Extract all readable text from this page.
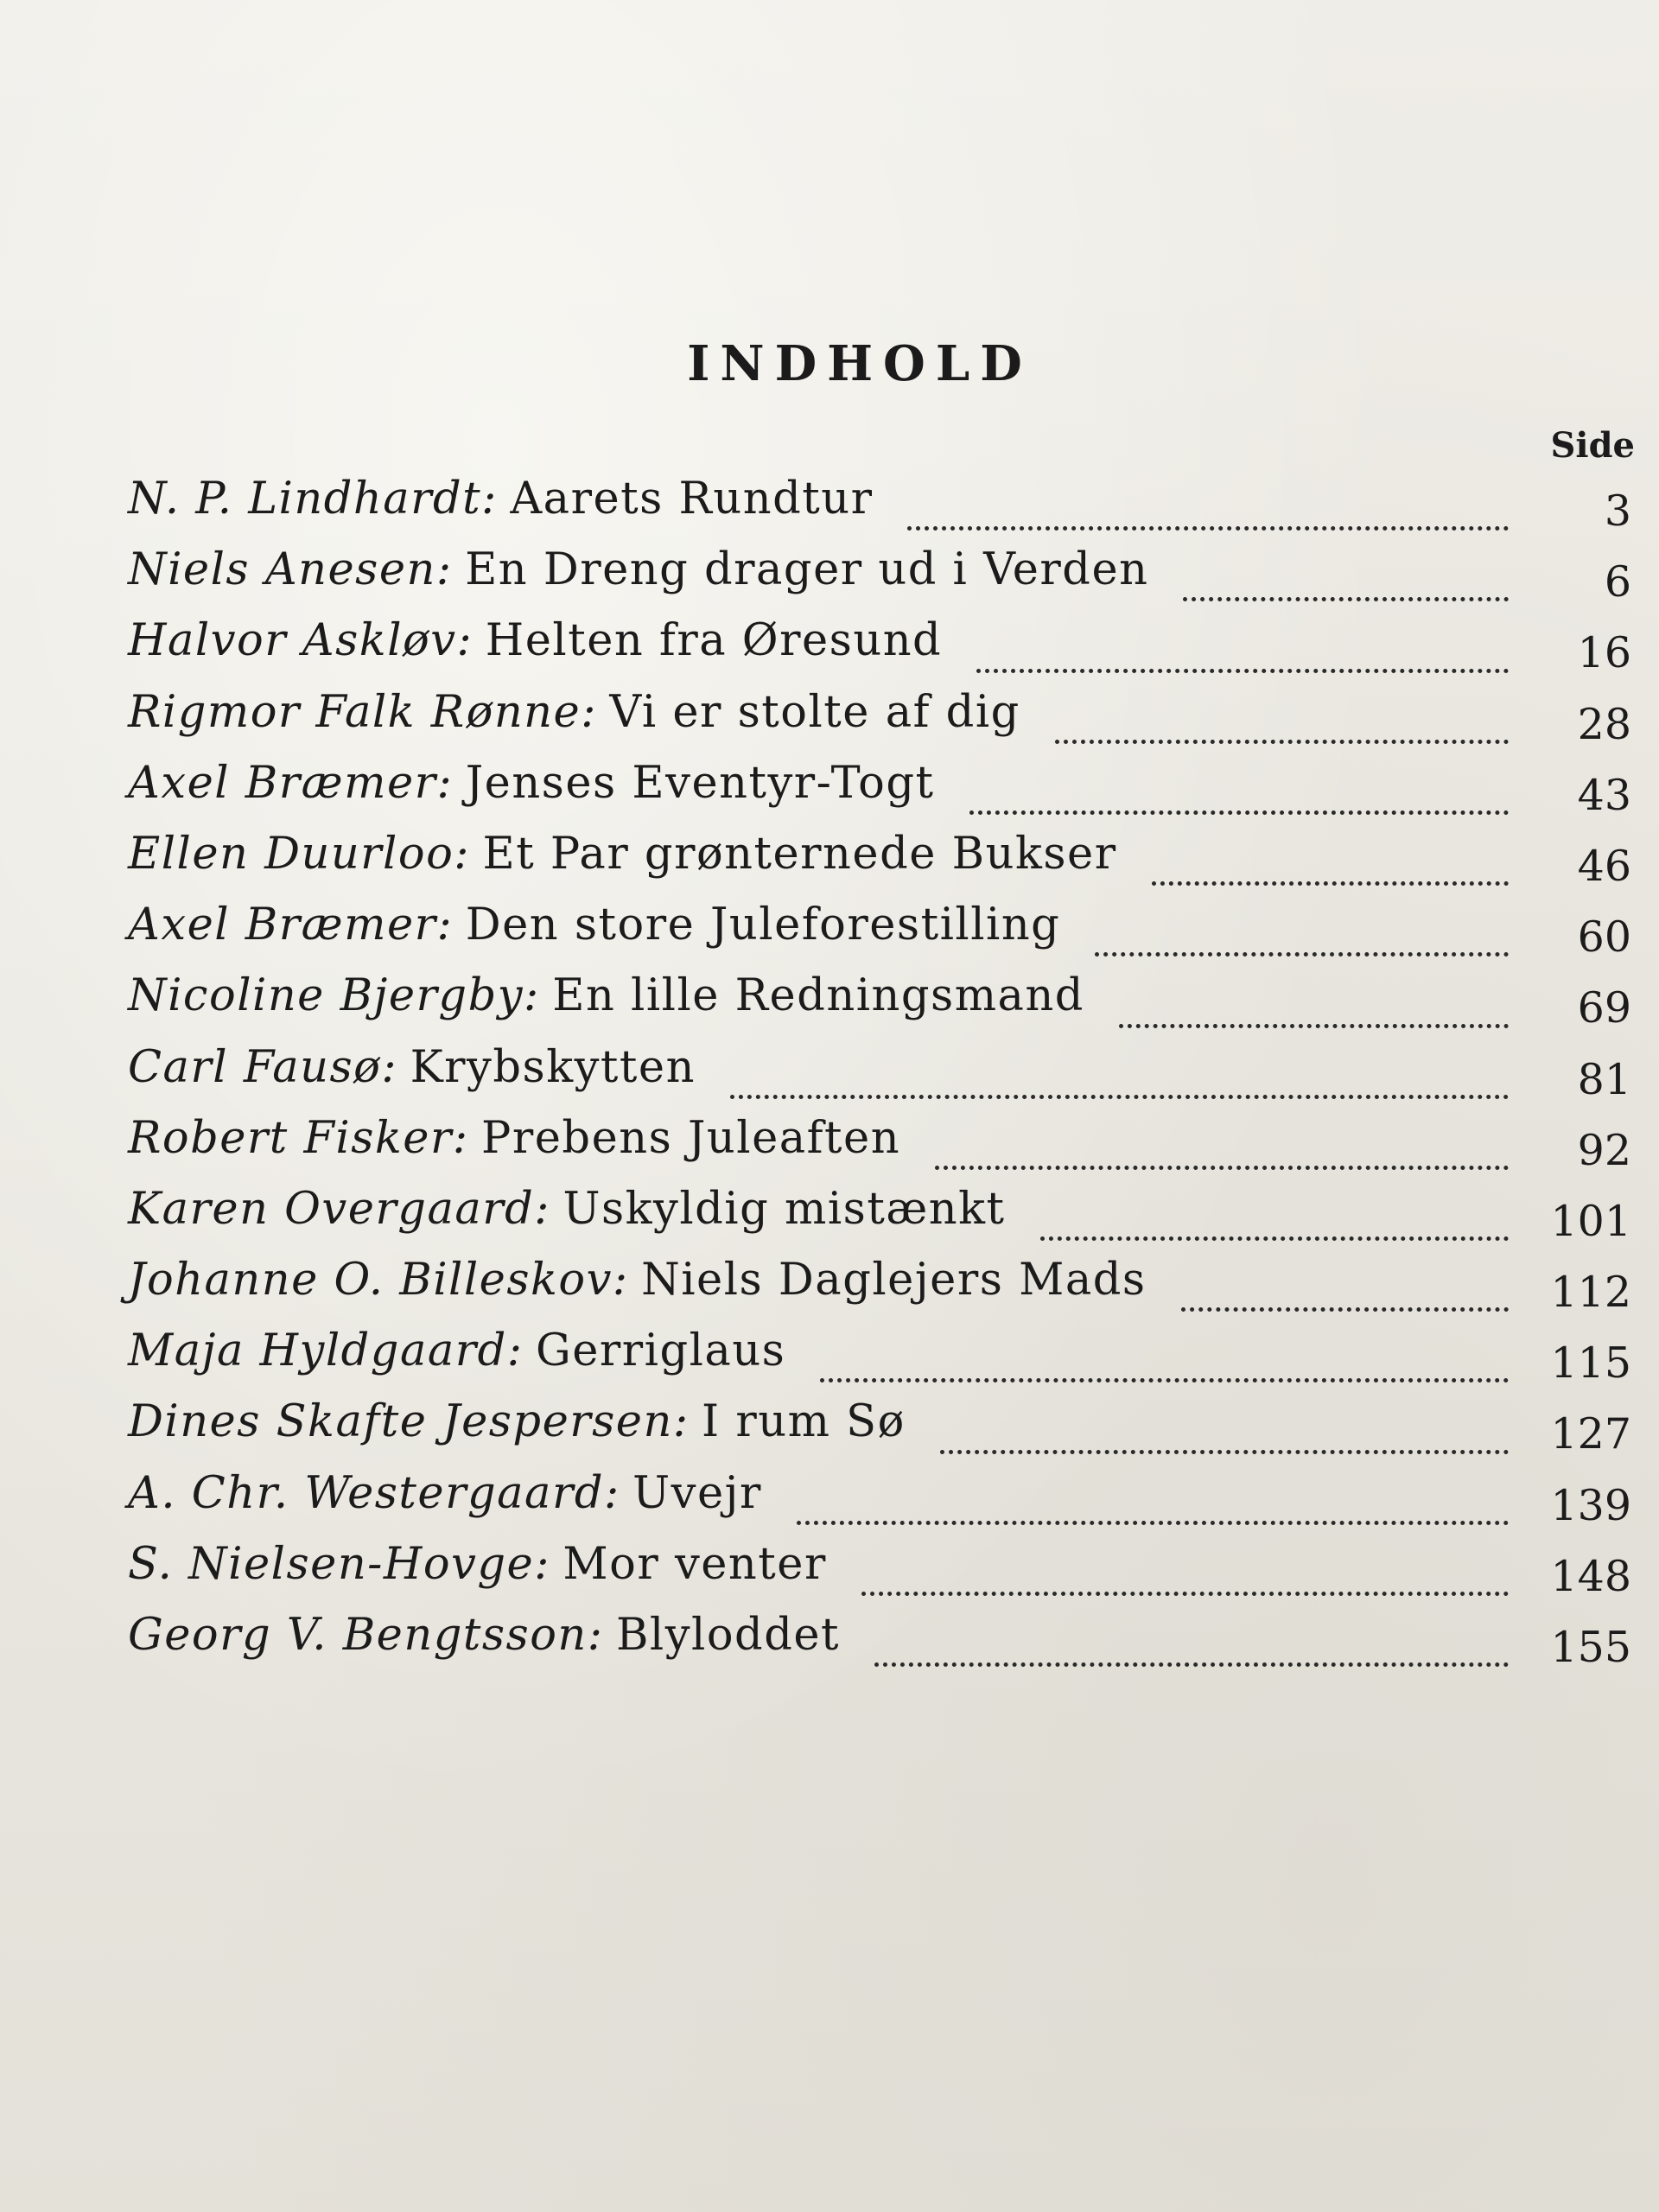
INDHOLD
Side
N. P. Lindhardt : Aarets Rundtur	3
Niels Anesen : En Dreng drager ud i Verden	6
Halvor Askløv : Helten fra Øresund	16
Rigmor Falk Rønne : Vi er stolte af dig	28
Axel Bræmer : Jenses Eventyr-Togt	43
Ellen Duurloo : Et Par grønternede Bukser	46
Axel Bræmer : Den store Juleforestilling	60
Nicoline Bjergby : En lille Redningsmand	69
Carl Fausø : Krybskytten	81
Robert Fisker : Prebens Juleaften	92
Karen Overgaard : Uskyldig mistænkt	101
Johanne O. Billeskov : Niels Daglejers Mads	112
Maja Hyldgaard : Gerriglaus	115
Dines Skafte Jespersen : I rum Sø	127
A. Chr. Westergaard : Uvejr	139
S. Nielsen-Hovge : Mor venter	148
Georg V. Bengtsson : Blyloddet	155
